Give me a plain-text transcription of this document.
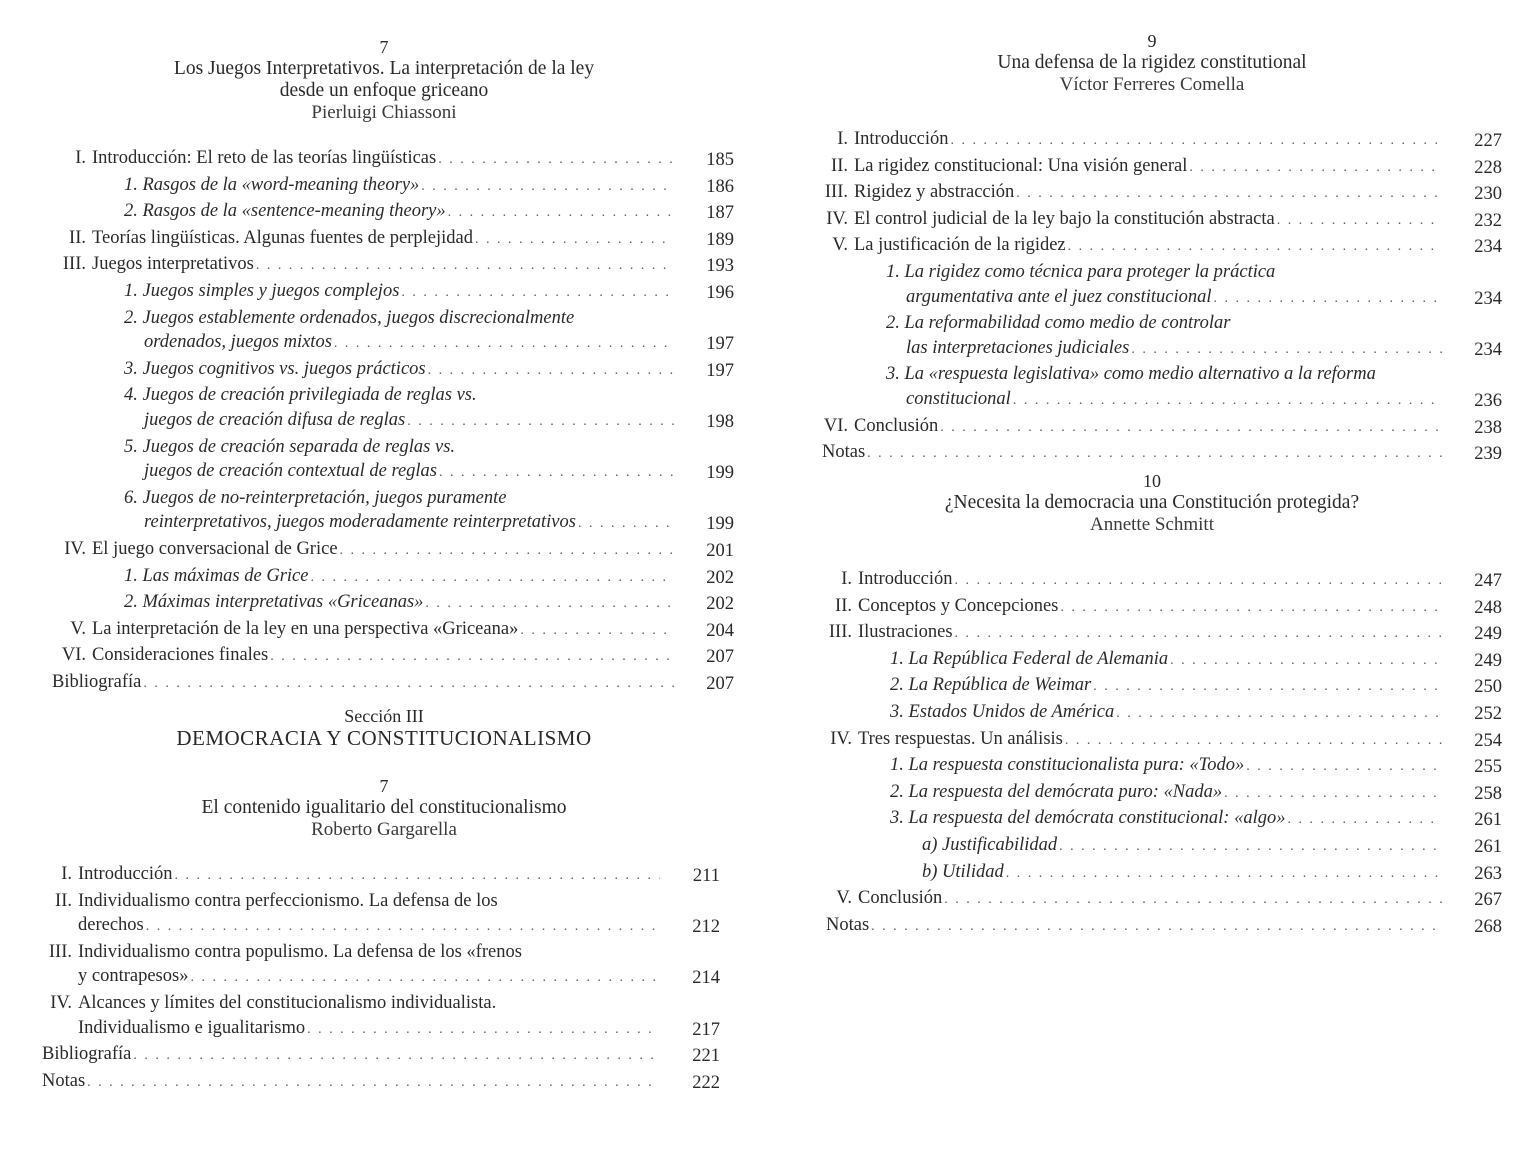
7
Los Juegos Interpretativos. La interpretación de la ley
desde un enfoque griceano
Pierluigi Chiassoni
I. Introducción: El reto de las teorías lingüísticas . . .	185
1. Rasgos de la «word-meaning theory» . . .	186
2. Rasgos de la «sentence-meaning theory» . . .	187
II. Teorías lingüísticas. Algunas fuentes de perplejidad . . .	189
III. Juegos interpretativos . . .	193
1. Juegos simples y juegos complejos . . .	196
2. Juegos establemente ordenados, juegos discrecionalmente
ordenados, juegos mixtos . . .	197
3. Juegos cognitivos vs. juegos prácticos . . .	197
4. Juegos de creación privilegiada de reglas vs.
juegos de creación difusa de reglas . . .	198
5. Juegos de creación separada de reglas vs.
juegos de creación contextual de reglas . . .	199
6. Juegos de no-reinterpretación, juegos puramente
reinterpretativos, juegos moderadamente reinterpretativos . . .	199
IV. El juego conversacional de Grice . . .	201
1. Las máximas de Grice . . .	202
2. Máximas interpretativas «Griceanas» . . .	202
V. La interpretación de la ley en una perspectiva «Griceana» . . .	204
VI. Consideraciones finales . . .	207
Bibliografía . . .	207
Sección III
DEMOCRACIA Y CONSTITUCIONALISMO
7
El contenido igualitario del constitucionalismo
Roberto Gargarella
I. Introducción . . .	211
II. Individualismo contra perfeccionismo. La defensa de los
derechos . . .	212
III. Individualismo contra populismo. La defensa de los «frenos
y contrapesos» . . .	214
IV. Alcances y límites del constitucionalismo individualista.
Individualismo e igualitarismo . . .	217
Bibliografía . . .	221
Notas . . .	222
9
Una defensa de la rigidez constitutional
Víctor Ferreres Comella
I. Introducción . . .	227
II. La rigidez constitucional: Una visión general . . .	228
III. Rigidez y abstracción . . .	230
IV. El control judicial de la ley bajo la constitución abstracta . . .	232
V. La justificación de la rigidez . . .	234
1. La rigidez como técnica para proteger la práctica
argumentativa ante el juez constitucional . . .	234
2. La reformabilidad como medio de controlar
las interpretaciones judiciales . . .	234
3. La «respuesta legislativa» como medio alternativo a la reforma
constitucional . . .	236
VI. Conclusión . . .	238
Notas . . .	239
10
¿Necesita la democracia una Constitución protegida?
Annette Schmitt
I. Introducción . . .	247
II. Conceptos y Concepciones . . .	248
III. Ilustraciones . . .	249
1. La República Federal de Alemania . . .	249
2. La República de Weimar . . .	250
3. Estados Unidos de América . . .	252
IV. Tres respuestas. Un análisis . . .	254
1. La respuesta constitucionalista pura: «Todo» . . .	255
2. La respuesta del demócrata puro: «Nada» . . .	258
3. La respuesta del demócrata constitucional: «algo» . . .	261
a) Justificabilidad . . .	261
b) Utilidad . . .	263
V. Conclusión . . .	267
Notas . . .	268
